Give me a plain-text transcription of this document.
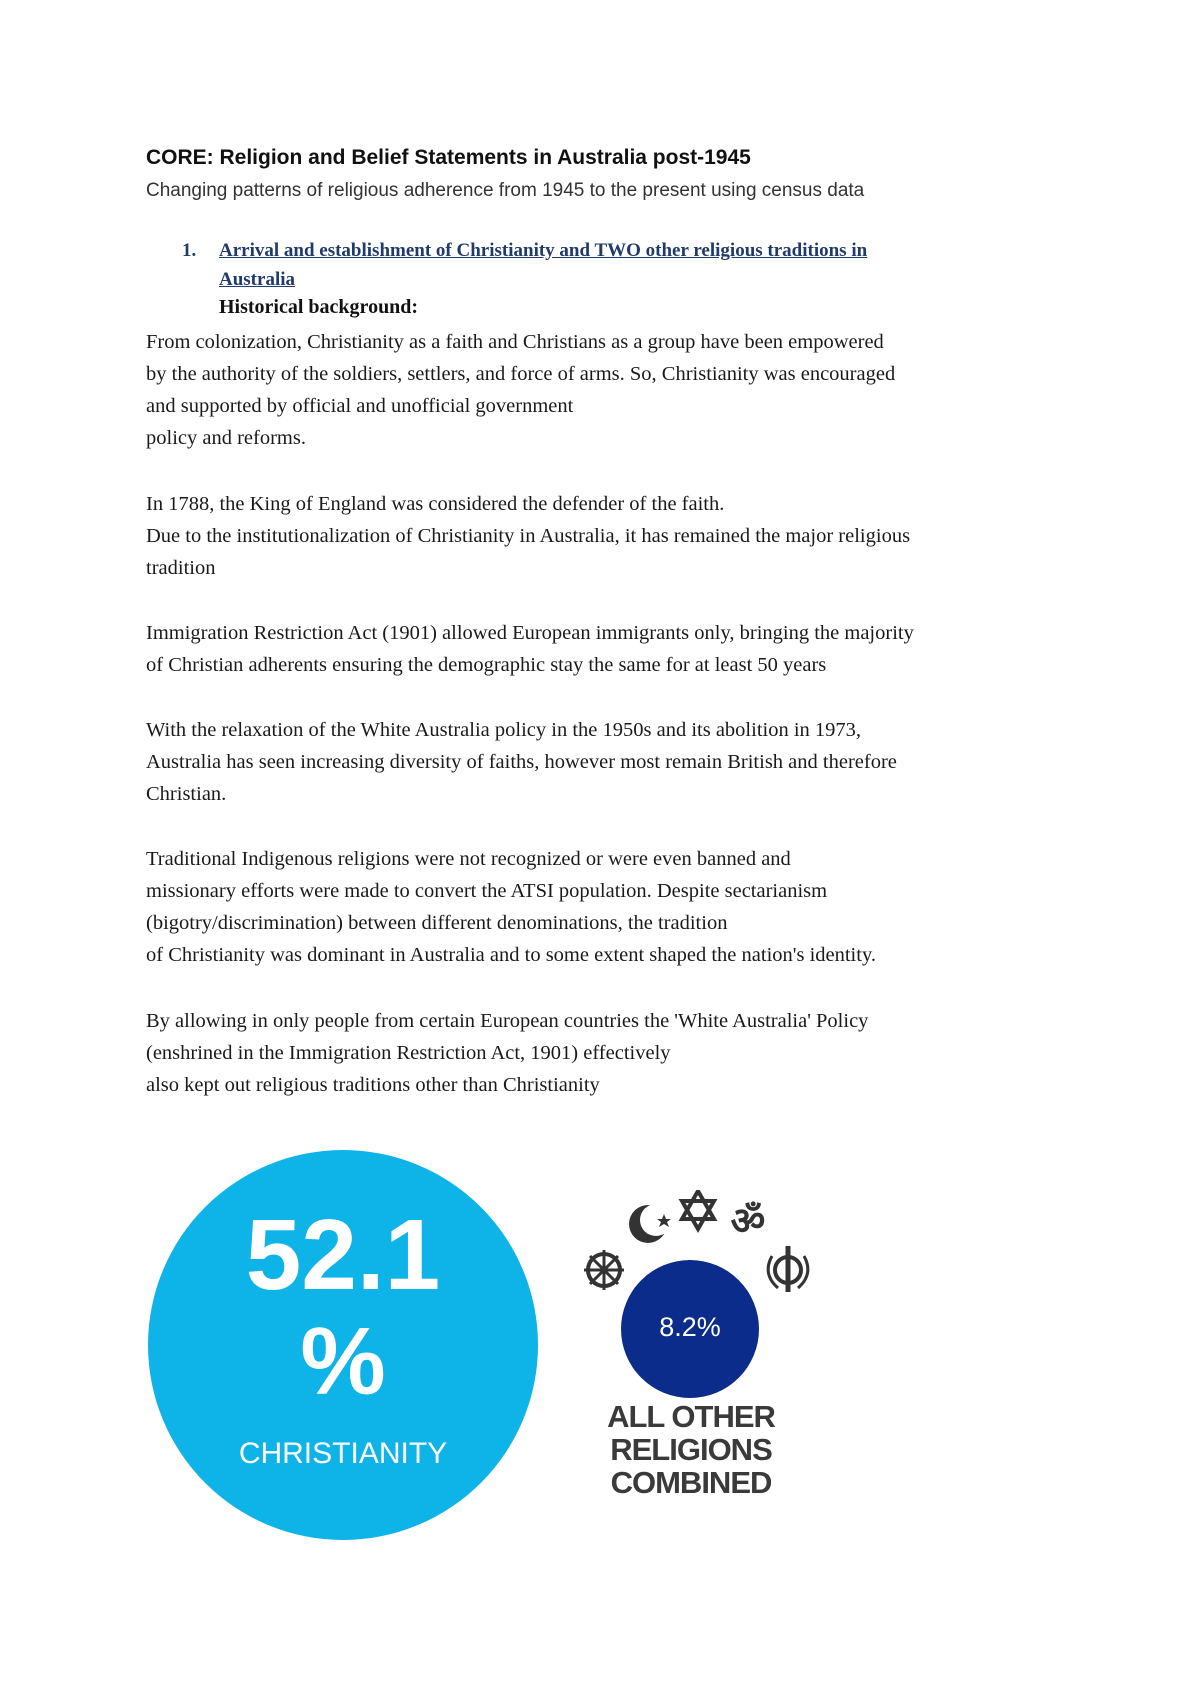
CORE: Religion and Belief Statements in Australia post-1945

Changing patterns of religious adherence from 1945 to the present using census data

1. Arrival and establishment of Christianity and TWO other religious traditions in
Australia

Historical background:

From colonization, Christianity as a faith and Christians as a group have been empowered
by the authority of the soldiers, settlers, and force of arms. So, Christianity was encouraged
and supported by official and unofficial government
policy and reforms.

In 1788, the King of England was considered the defender of the faith.
Due to the institutionalization of Christianity in Australia, it has remained the major religious
tradition

Immigration Restriction Act (1901) allowed European immigrants only, bringing the majority
of Christian adherents ensuring the demographic stay the same for at least 50 years

With the relaxation of the White Australia policy in the 1950s and its abolition in 1973,
Australia has seen increasing diversity of faiths, however most remain British and therefore
Christian.

Traditional Indigenous religions were not recognized or were even banned and
missionary efforts were made to convert the ATSI population. Despite sectarianism
(bigotry/discrimination) between different denominations, the tradition
of Christianity was dominant in Australia and to some extent shaped the nation's identity.

By allowing in only people from certain European countries the 'White Australia' Policy
(enshrined in the Immigration Restriction Act, 1901) effectively
also kept out religious traditions other than Christianity

52.1
%
CHRISTIANITY
ॐ
8.2%
ALL OTHER
RELIGIONS
COMBINED
